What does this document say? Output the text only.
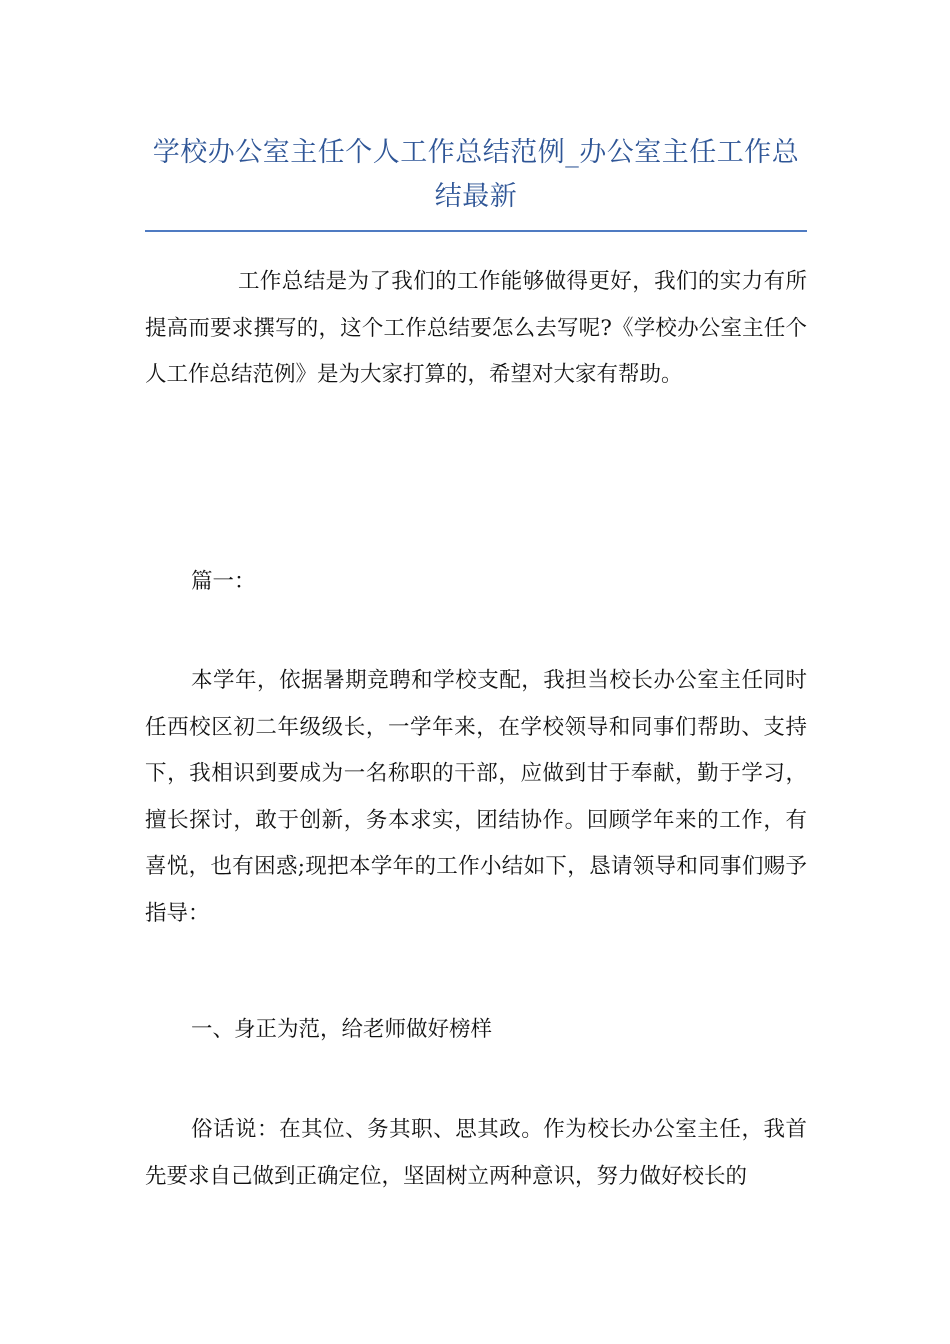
学校办公室主任个人工作总结范例_办公室主任工作总结最新

工作总结是为了我们的工作能够做得更好，我们的实力有所提高而要求撰写的，这个工作总结要怎么去写呢?《学校办公室主任个人工作总结范例》是为大家打算的，希望对大家有帮助。

篇一：

本学年，依据暑期竞聘和学校支配，我担当校长办公室主任同时任西校区初二年级级长，一学年来，在学校领导和同事们帮助、支持下，我相识到要成为一名称职的干部，应做到甘于奉献，勤于学习，擅长探讨，敢于创新，务本求实，团结协作。回顾学年来的工作，有喜悦，也有困惑;现把本学年的工作小结如下，恳请领导和同事们赐予指导：

一、身正为范，给老师做好榜样

俗话说：在其位、务其职、思其政。作为校长办公室主任，我首先要求自己做到正确定位，坚固树立两种意识，努力做好校长的
